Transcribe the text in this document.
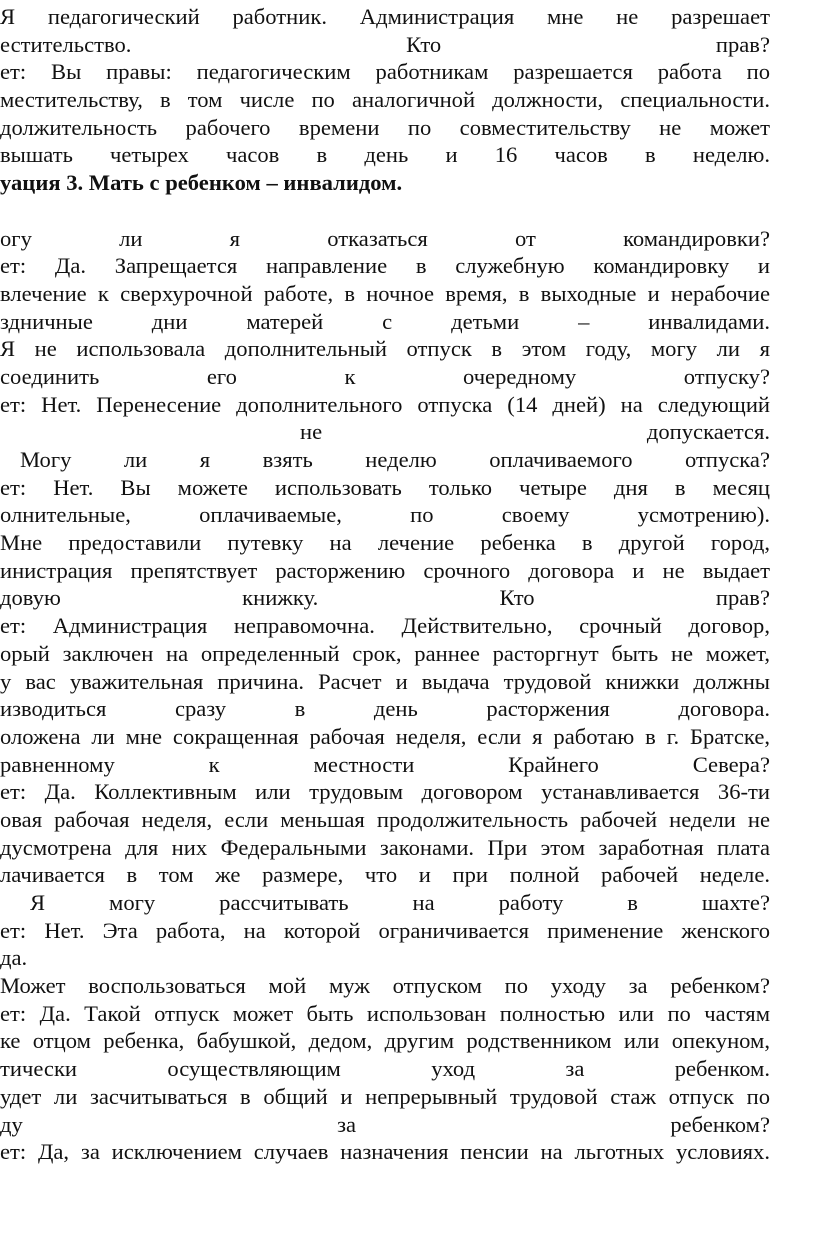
Я педагогический работник. Администрация мне не разрешает
еститeльство. Кто прав?
ет: Вы правы: педагогическим работникам разрешается работа по
местительству, в том числе по аналогичной должности, специальности.
должительность рабочего времени по совместительству не может
вышать четырех часов в день и 16 часов в неделю.
уация 3. Мать с ребенком – инвалидом.
огу ли я отказаться от командировки?
ет: Да. Запрещается направление в служебную командировку и
влечение к сверхурочной работе, в ночное время, в выходные и нерабочие
здничные дни матерей с детьми – инвалидами.
Я не использовала дополнительный отпуск в этом году, могу ли я
соединить его к очередному отпуску?
ет: Нет. Перенесение дополнительного отпуска (14 дней) на следующий
не допускается.
Могу ли я взять неделю оплачиваемого отпуска?
ет: Нет. Вы можете использовать только четыре дня в месяц
олнительные, оплачиваемые, по своему усмотрению).
Мне предоставили путевку на лечение ребенка в другой город,
инистрация препятствует расторжению срочного договора и не выдает
довую книжку. Кто прав?
ет: Администрация неправомочна. Действительно, срочный договор,
орый заключен на определенный срок, раннее расторгнут быть не может,
у вас уважительная причина. Расчет и выдача трудовой книжки должны
изводиться сразу в день расторжения договора.
оложена ли мне сокращенная рабочая неделя, если я работаю в г. Братске,
равненному к местности Крайнего Севера?
ет: Да. Коллективным или трудовым договором устанавливается 36-ти
овая рабочая неделя, если меньшая продолжительность рабочей недели не
дусмотрена для них Федеральными законами. При этом заработная плата
лачивается в том же размере, что и при полной рабочей неделе.
Я могу рассчитывать на работу в шахте?
ет: Нет. Эта работа, на которой ограничивается применение женского
да.
Может воспользоваться мой муж отпуском по уходу за ребенком?
ет: Да. Такой отпуск может быть использован полностью или по частям
ке отцом ребенка, бабушкой, дедом, другим родственником или опекуном,
тически осуществляющим уход за ребенком.
удет ли засчитываться в общий и непрерывный трудовой стаж отпуск по
ду за ребенком?
ет: Да, за исключением случаев назначения пенсии на льготных условиях.
